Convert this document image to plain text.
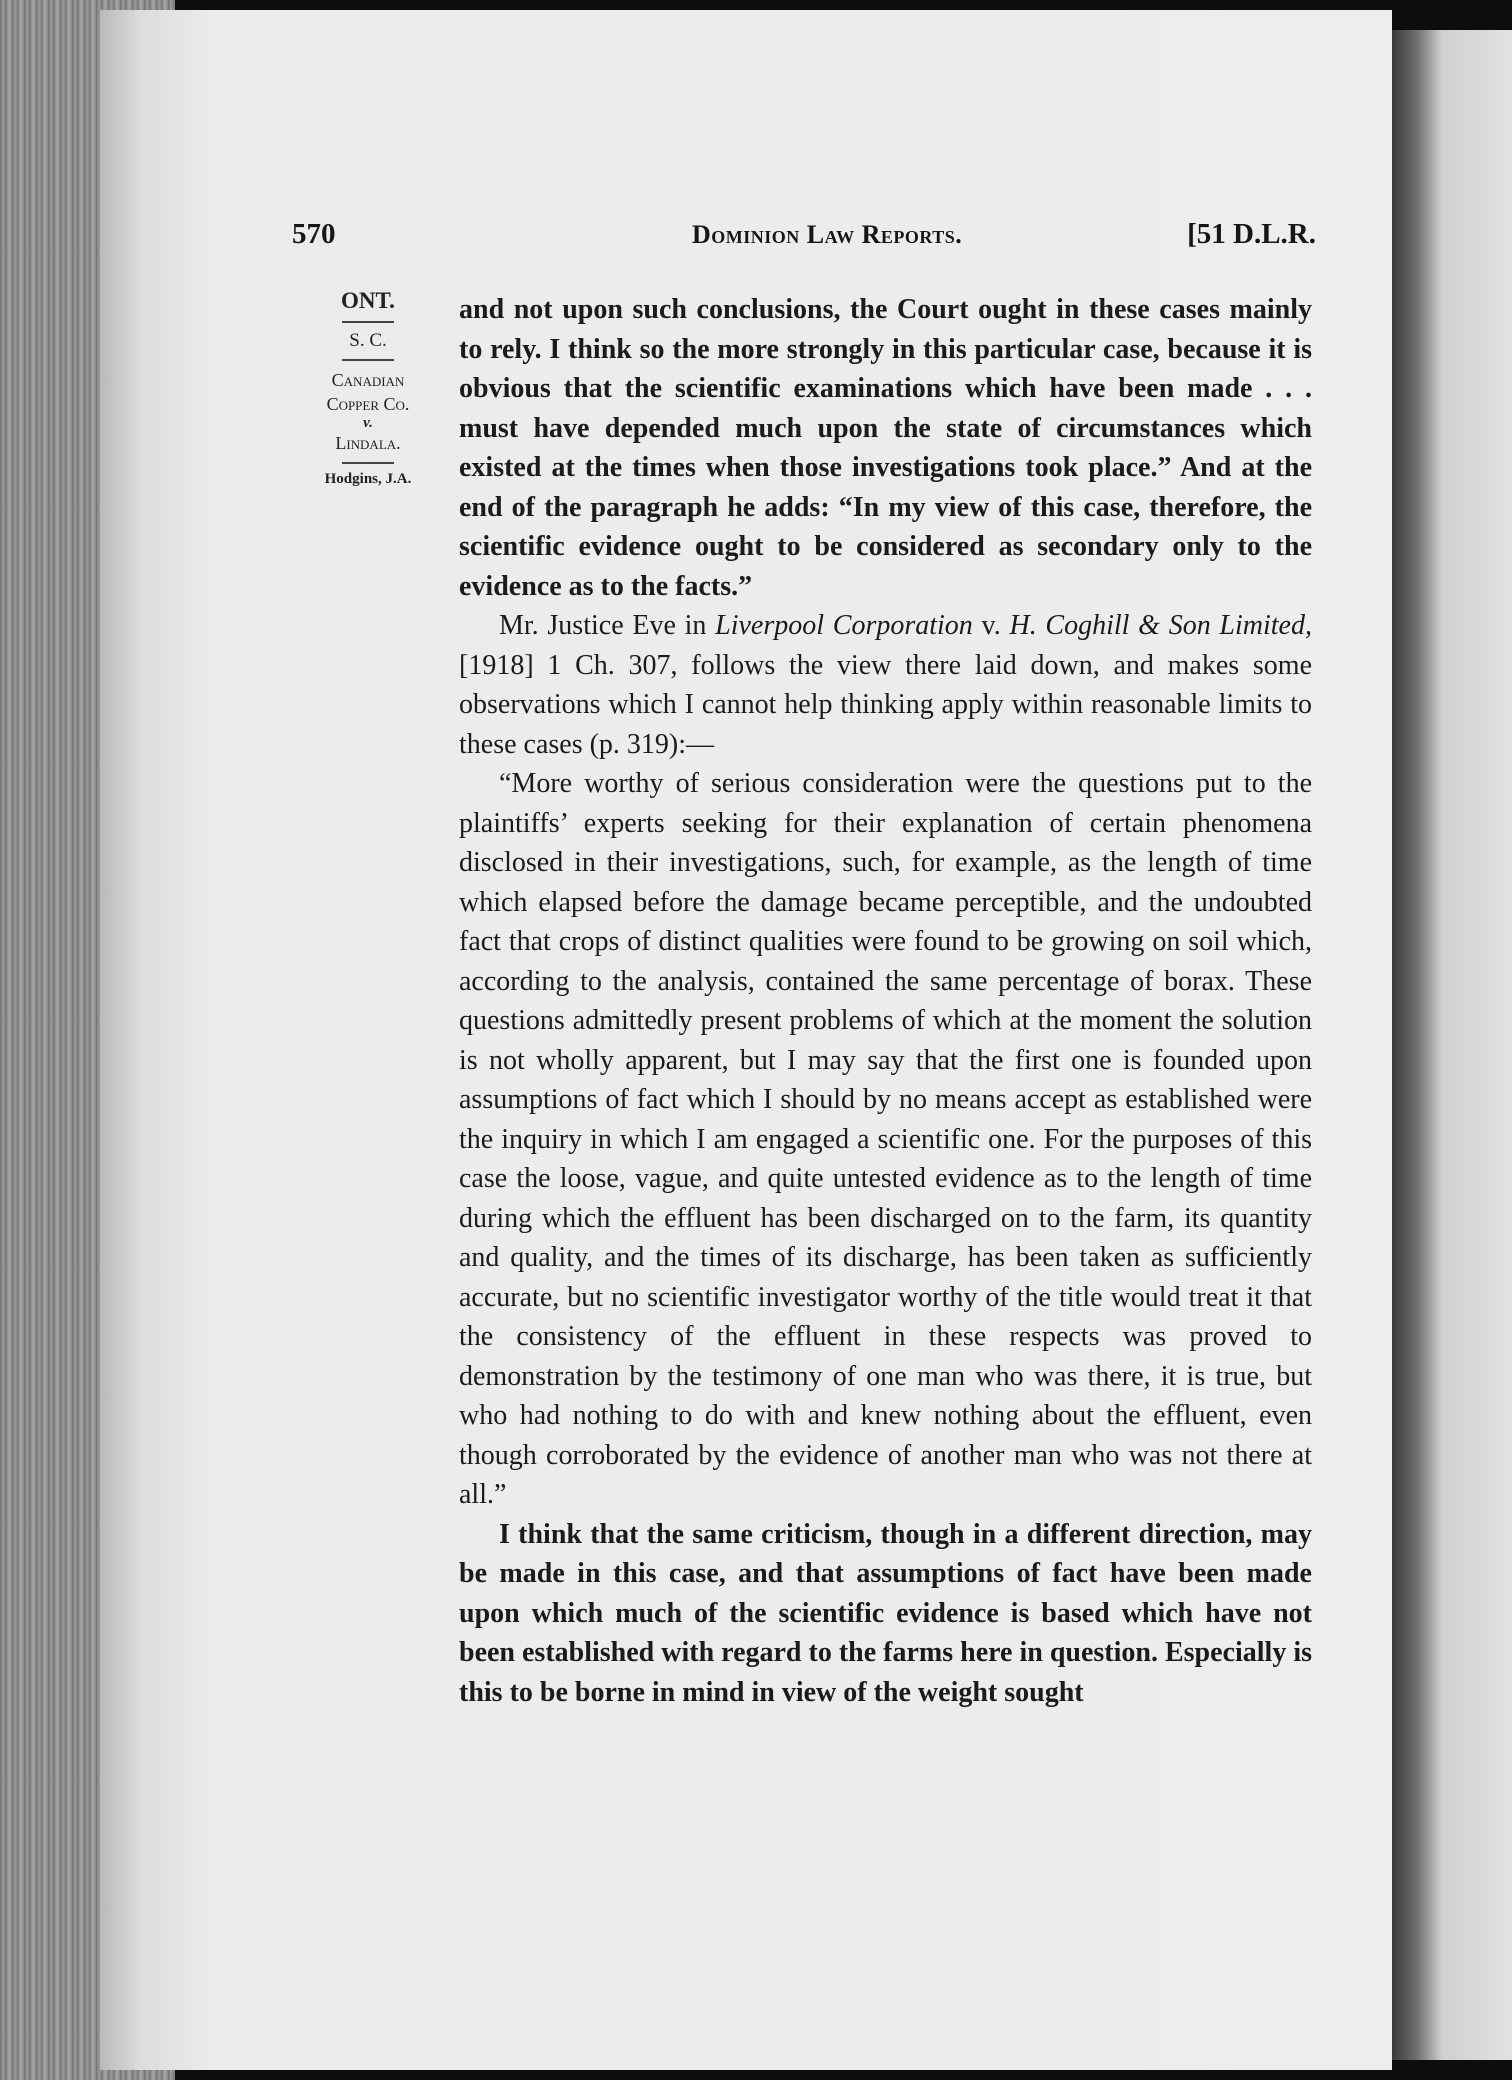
570	Dominion Law Reports.	[51 D.L.R.
ONT.
S. C.
Canadian
Copper Co.
v.
Lindala.
Hodgins, J.A.

and not upon such conclusions, the Court ought in these cases mainly to rely. I think so the more strongly in this particular case, because it is obvious that the scientific examinations which have been made . . . must have depended much upon the state of circumstances which existed at the times when those investigations took place.” And at the end of the paragraph he adds: “In my view of this case, therefore, the scientific evidence ought to be considered as secondary only to the evidence as to the facts.”

Mr. Justice Eve in Liverpool Corporation v. H. Coghill & Son Limited, [1918] 1 Ch. 307, follows the view there laid down, and makes some observations which I cannot help thinking apply within reasonable limits to these cases (p. 319):—

“More worthy of serious consideration were the questions put to the plaintiffs’ experts seeking for their explanation of certain phenomena disclosed in their investigations, such, for example, as the length of time which elapsed before the damage became perceptible, and the undoubted fact that crops of distinct qualities were found to be growing on soil which, according to the analysis, contained the same percentage of borax. These questions admittedly present problems of which at the moment the solution is not wholly apparent, but I may say that the first one is founded upon assumptions of fact which I should by no means accept as established were the inquiry in which I am engaged a scientific one. For the purposes of this case the loose, vague, and quite untested evidence as to the length of time during which the effluent has been discharged on to the farm, its quantity and quality, and the times of its discharge, has been taken as sufficiently accurate, but no scientific investigator worthy of the title would treat it that the consistency of the effluent in these respects was proved to demonstration by the testimony of one man who was there, it is true, but who had nothing to do with and knew nothing about the effluent, even though corroborated by the evidence of another man who was not there at all.”

I think that the same criticism, though in a different direction, may be made in this case, and that assumptions of fact have been made upon which much of the scientific evidence is based which have not been established with regard to the farms here in question. Especially is this to be borne in mind in view of the weight sought
